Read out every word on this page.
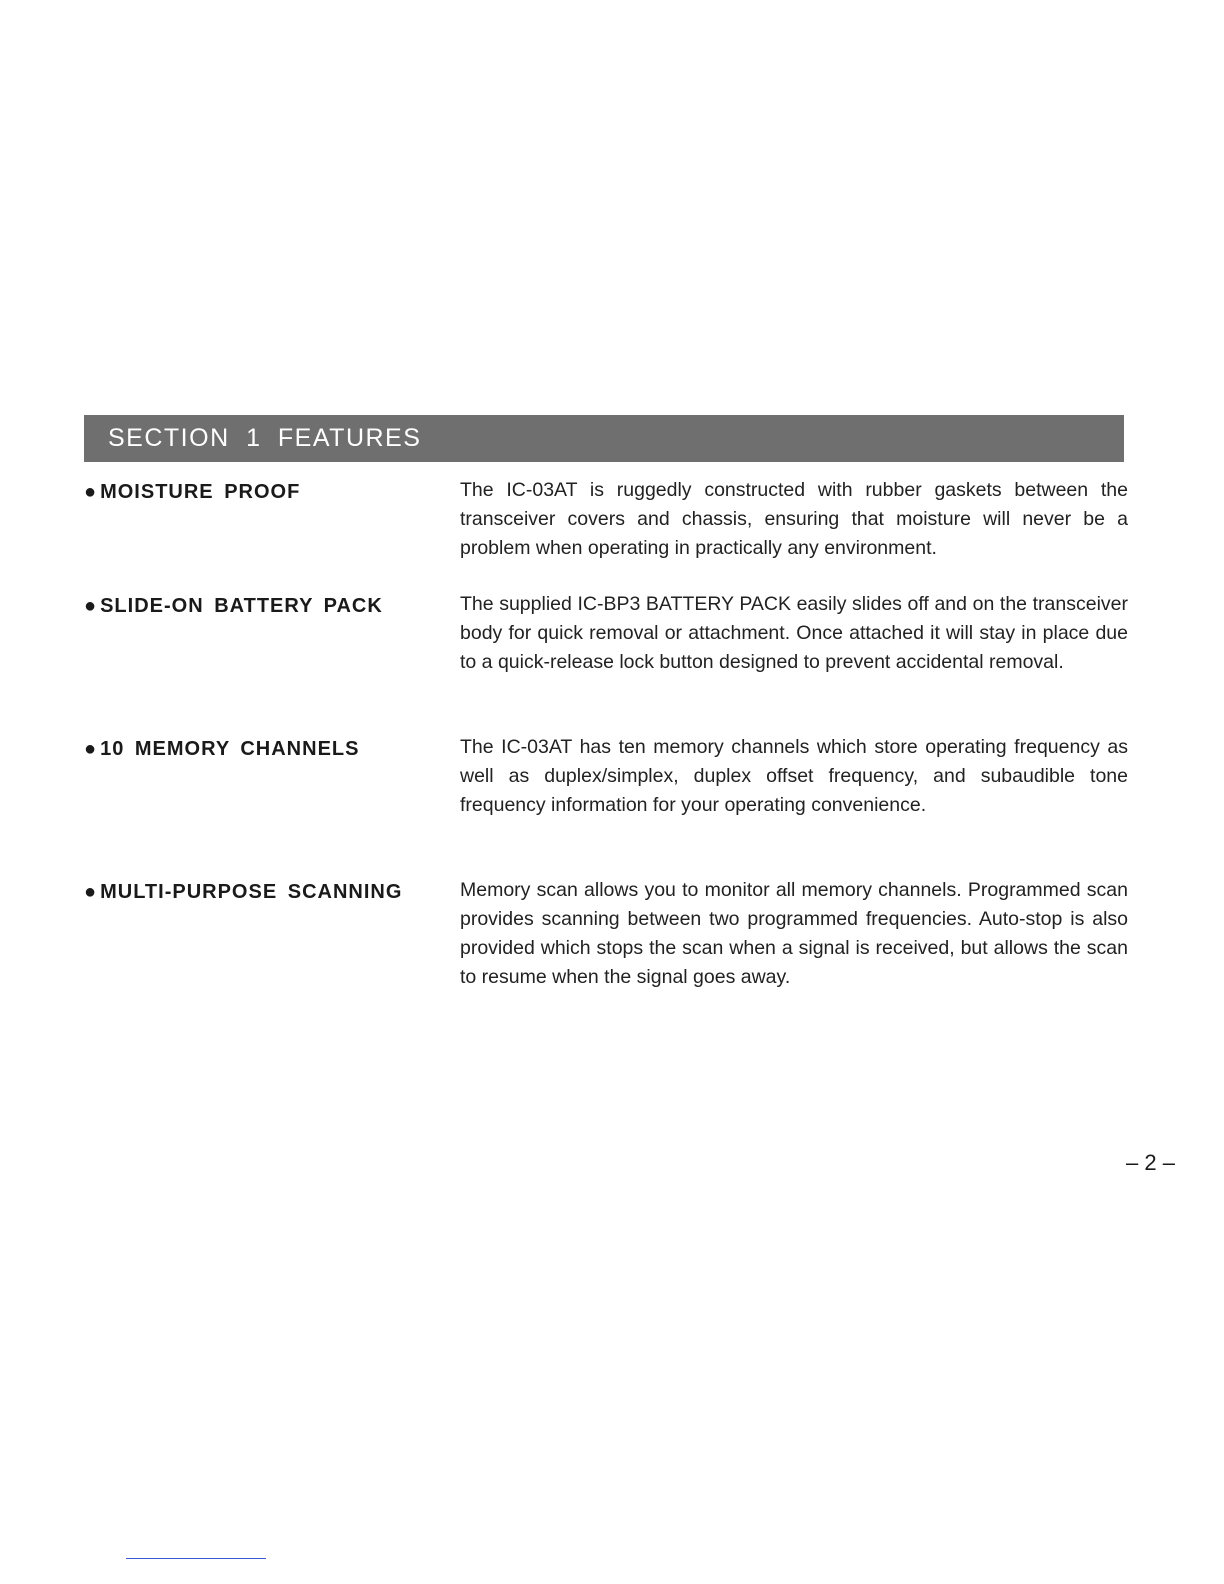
SECTION 1 FEATURES
● MOISTURE PROOF	The IC-03AT is ruggedly constructed with rubber gaskets between the transceiver covers and chassis, ensuring that moisture will never be a problem when operating in practically any environment.

● SLIDE-ON BATTERY PACK	The supplied IC-BP3 BATTERY PACK easily slides off and on the transceiver body for quick removal or attachment. Once attached it will stay in place due to a quick-release lock button designed to prevent accidental removal.

● 10 MEMORY CHANNELS	The IC-03AT has ten memory channels which store operating frequency as well as duplex/simplex, duplex offset frequency, and subaudible tone frequency information for your operating convenience.

● MULTI-PURPOSE SCANNING	Memory scan allows you to monitor all memory channels. Programmed scan provides scanning between two programmed frequencies. Auto-stop is also provided which stops the scan when a signal is received, but allows the scan to resume when the signal goes away.

– 2 –
